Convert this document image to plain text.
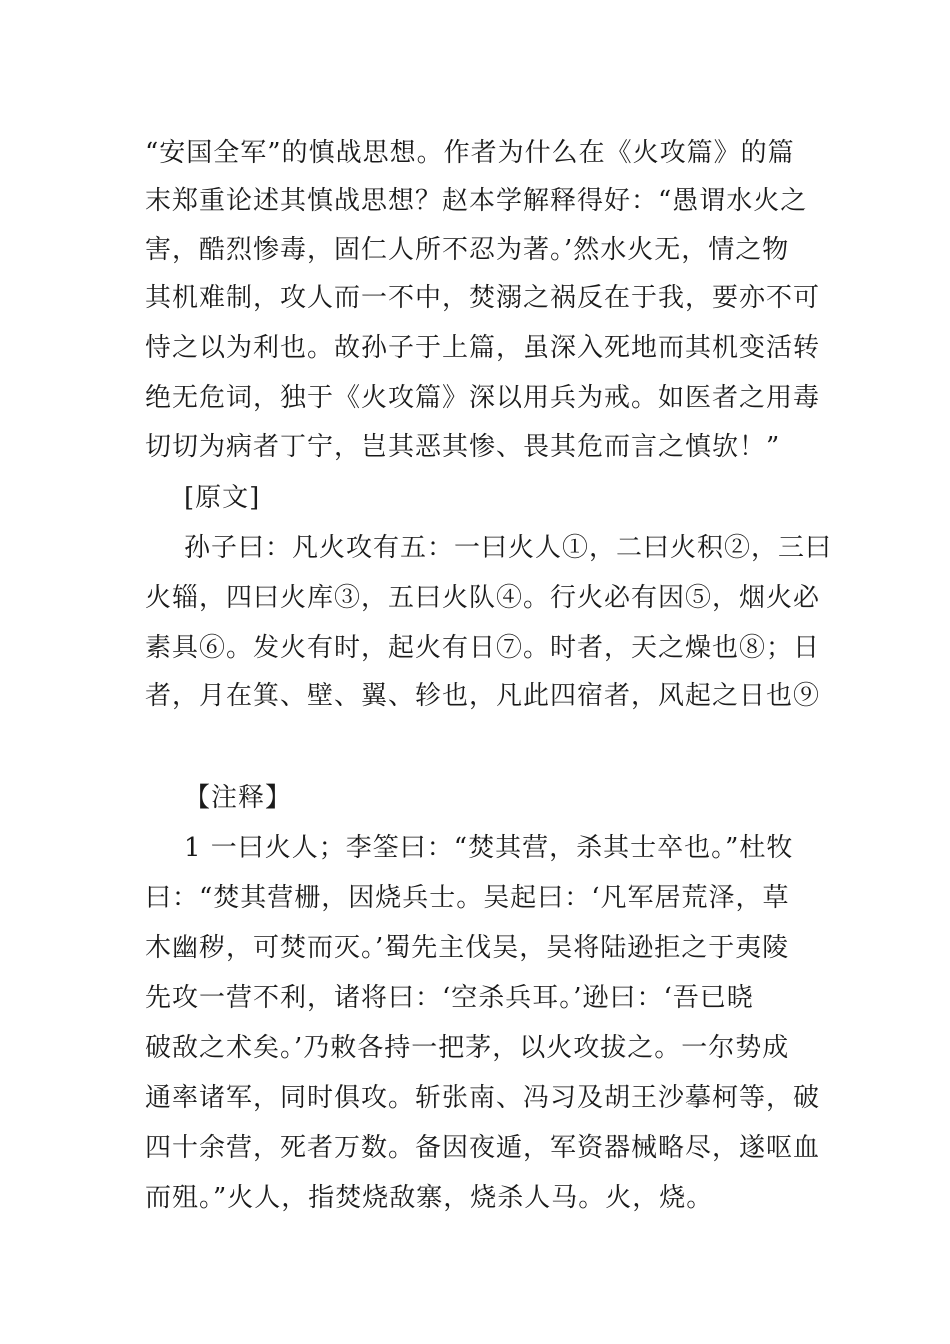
“安国全军”的慎战思想。作者为什么在《火攻篇》的篇
末郑重论述其慎战思想？赵本学解释得好：“愚谓水火之
害，酷烈惨毒，固仁人所不忍为著。’然水火无，情之物
其机难制，攻人而一不中，焚溺之祸反在于我，要亦不可
恃之以为利也。故孙子于上篇，虽深入死地而其机变活转
绝无危词，独于《火攻篇》深以用兵为戒。如医者之用毒
切切为病者丁宁，岂其恶其惨、畏其危而言之慎欤！”
[原文]
孙子曰：凡火攻有五：一曰火人①，二曰火积②，三曰
火辎，四曰火库③，五曰火队④。行火必有因⑤，烟火必
素具⑥。发火有时，起火有日⑦。时者，天之燥也⑧；日
者，月在箕、壁、翼、轸也，凡此四宿者，风起之日也⑨
【注释】
1 一曰火人；李筌曰：“焚其营，杀其士卒也。”杜牧
曰：“焚其营栅，因烧兵士。吴起曰：‘凡军居荒泽，草
木幽秽，可焚而灭。’蜀先主伐吴，吴将陆逊拒之于夷陵
先攻一营不利，诸将曰：‘空杀兵耳。’逊曰：‘吾已晓
破敌之术矣。’乃敕各持一把茅，以火攻拔之。一尔势成
通率诸军，同时俱攻。斩张南、冯习及胡王沙摹柯等，破
四十余营，死者万数。备因夜遁，军资器械略尽，遂呕血
而殂。”火人，指焚烧敌寨，烧杀人马。火，烧。
